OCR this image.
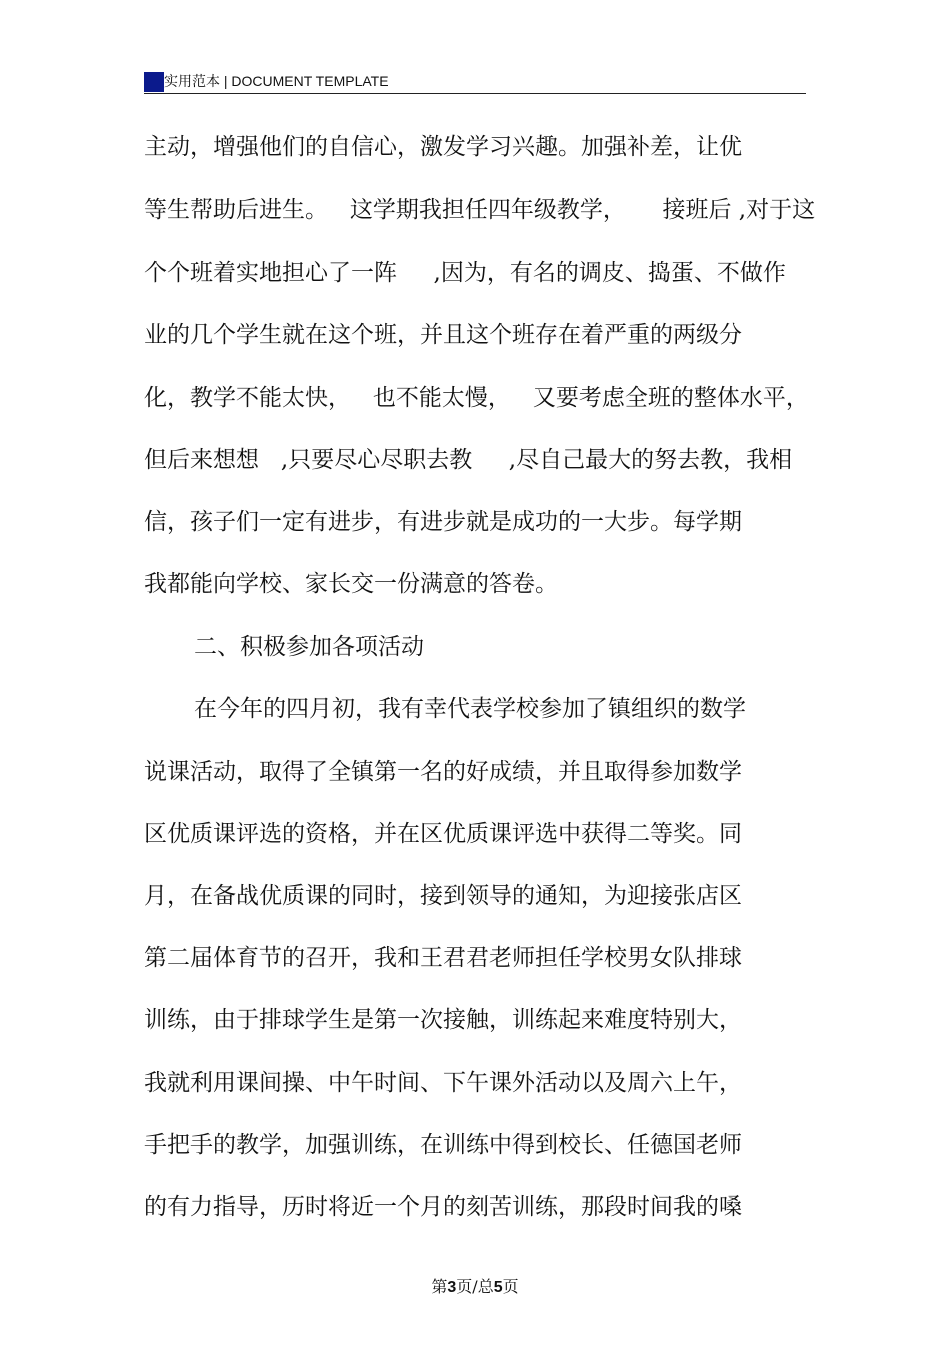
实用范本 | DOCUMENT TEMPLATE
主动，增强他们的自信心，激发学习兴趣。加强补差，让优
等生帮助后进生。   这学期我担任四年级教学，     接班后 ,对于这
个个班着实地担心了一阵     ,因为，有名的调皮、捣蛋、不做作
业的几个学生就在这个班，并且这个班存在着严重的两级分
化，教学不能太快，   也不能太慢，   又要考虑全班的整体水平，
但后来想想   ,只要尽心尽职去教     ,尽自己最大的努去教，我相
信，孩子们一定有进步，有进步就是成功的一大步。每学期
我都能向学校、家长交一份满意的答卷。
二、积极参加各项活动
在今年的四月初，我有幸代表学校参加了镇组织的数学
说课活动，取得了全镇第一名的好成绩，并且取得参加数学
区优质课评选的资格，并在区优质课评选中获得二等奖。同
月，在备战优质课的同时，接到领导的通知，为迎接张店区
第二届体育节的召开，我和王君君老师担任学校男女队排球
训练，由于排球学生是第一次接触，训练起来难度特别大，
我就利用课间操、中午时间、下午课外活动以及周六上午，
手把手的教学，加强训练，在训练中得到校长、任德国老师
的有力指导，历时将近一个月的刻苦训练，那段时间我的嗓
第3页/总5页
